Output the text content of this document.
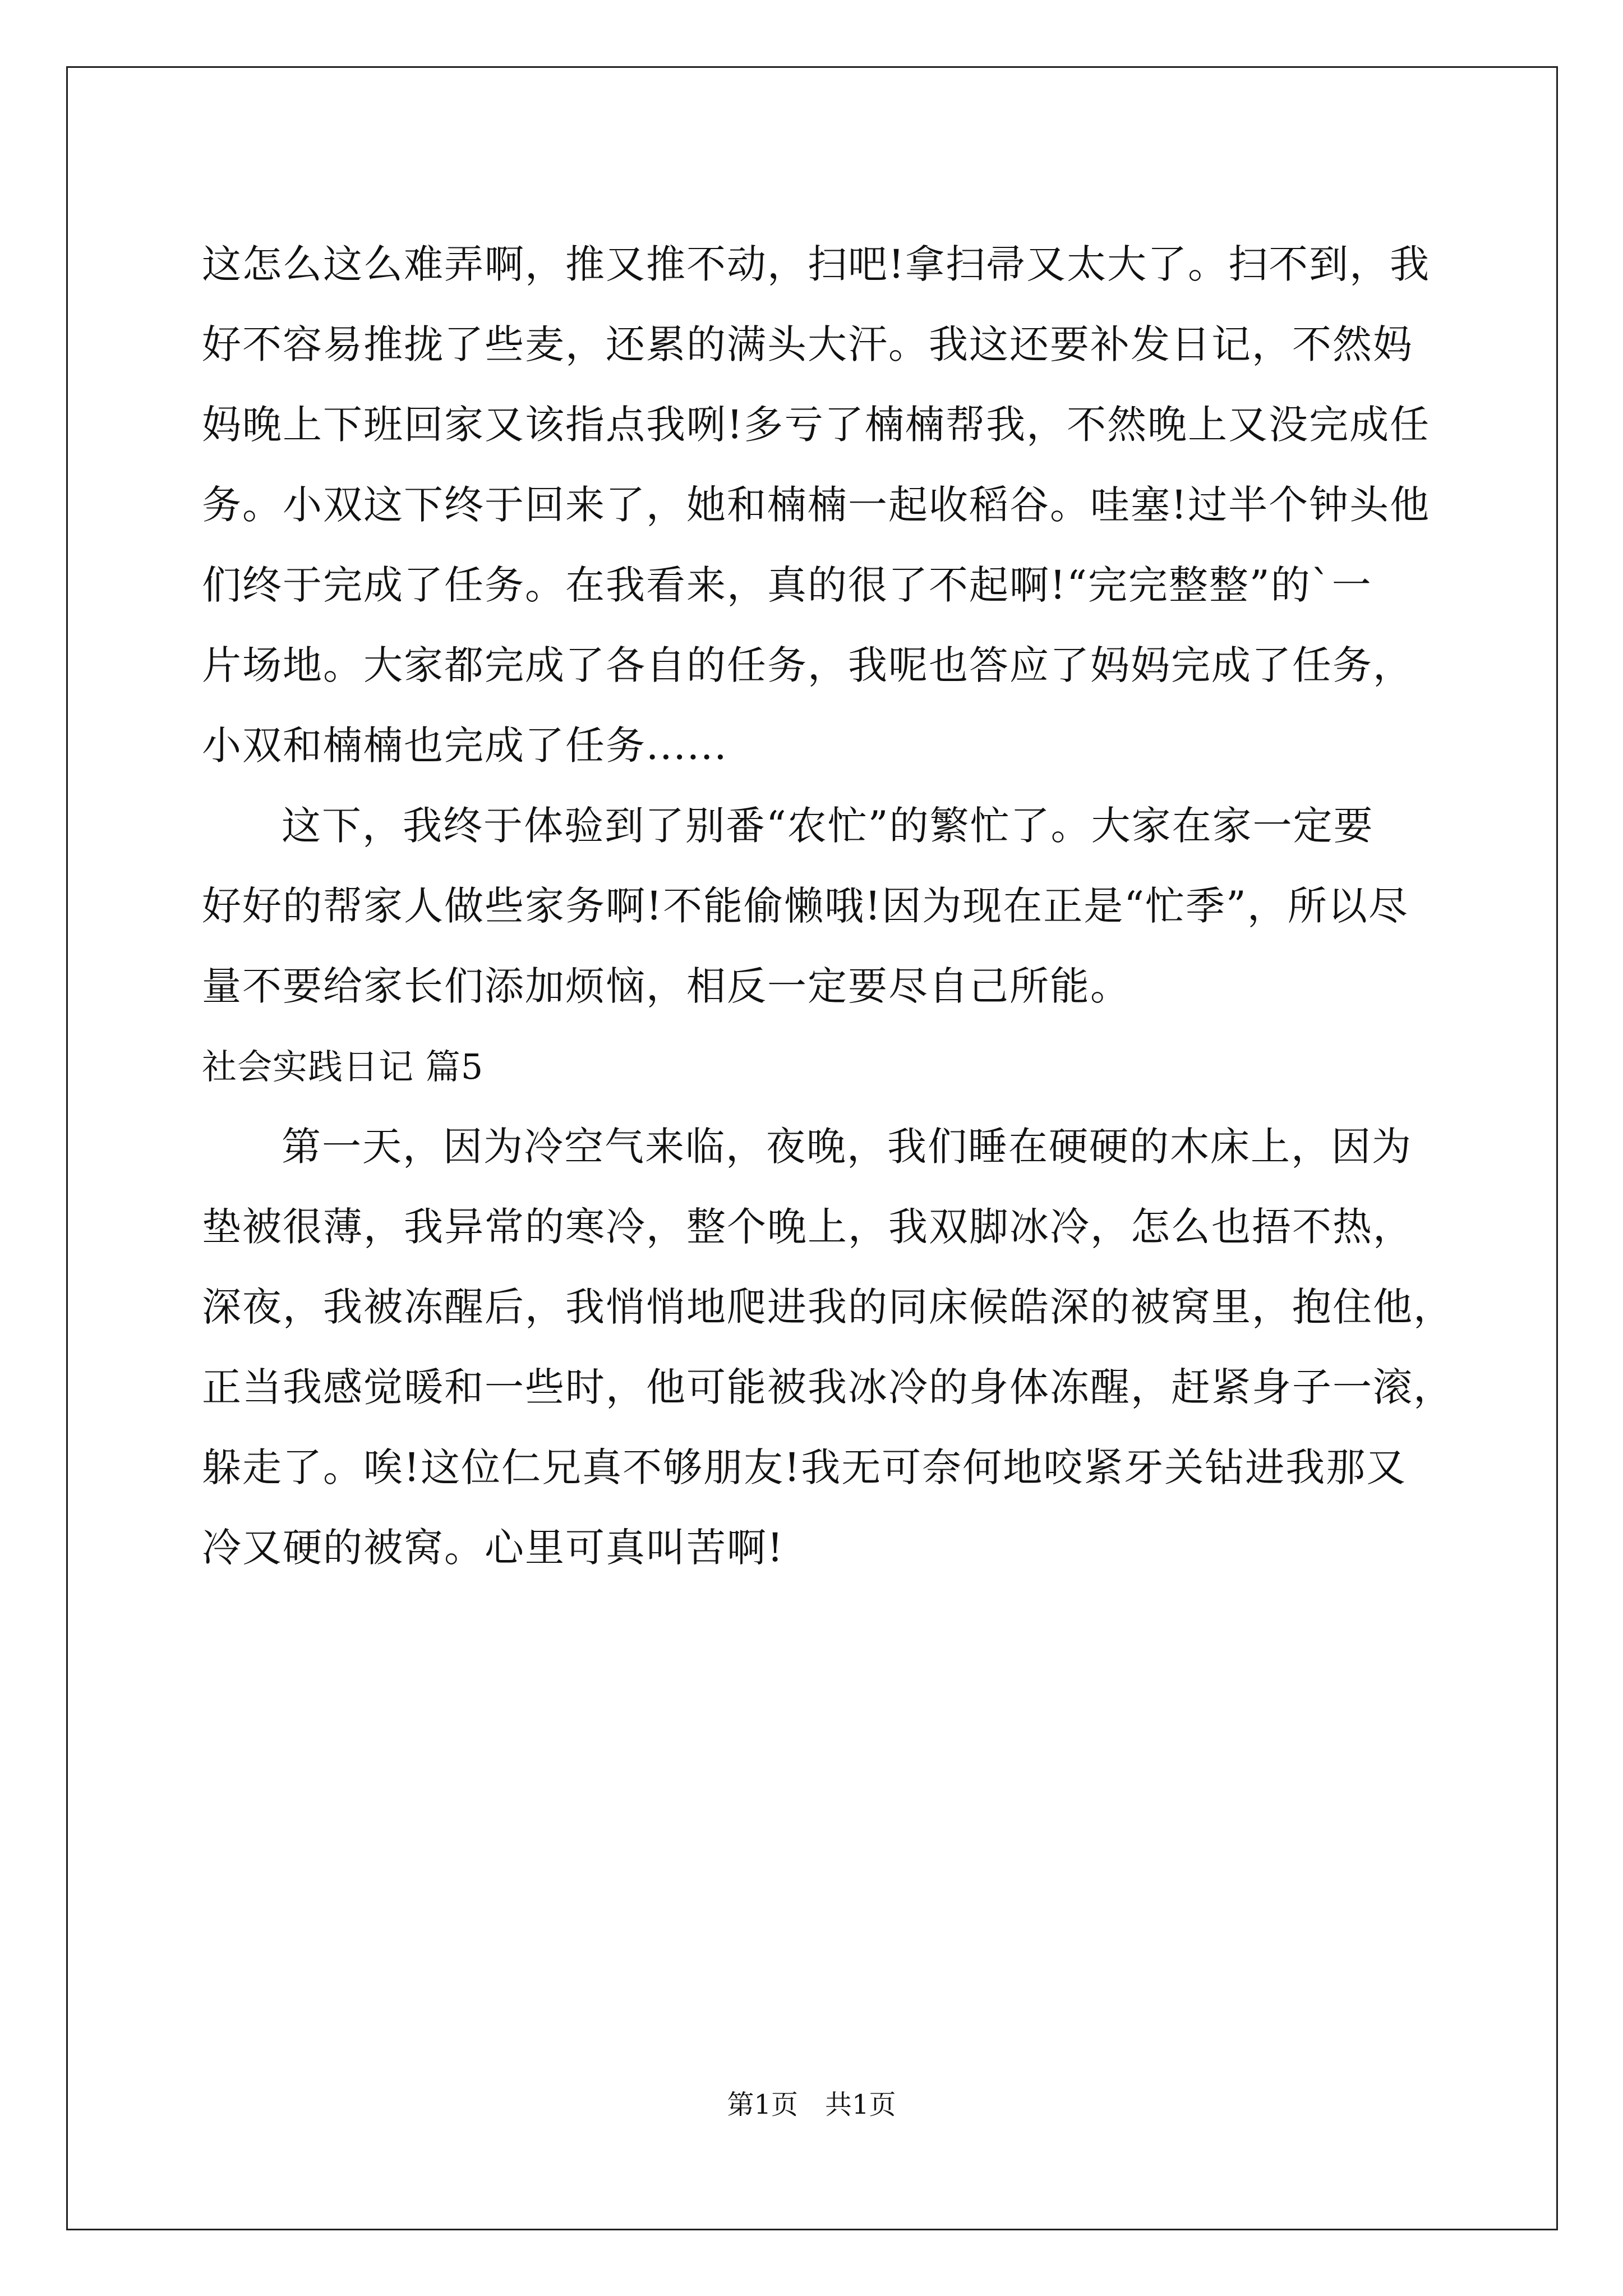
这怎么这么难弄啊，推又推不动，扫吧!拿扫帚又太大了。扫不到，我
好不容易推拢了些麦，还累的满头大汗。我这还要补发日记，不然妈
妈晚上下班回家又该指点我咧!多亏了楠楠帮我，不然晚上又没完成任
务。小双这下终于回来了，她和楠楠一起收稻谷。哇塞!过半个钟头他
们终于完成了任务。在我看来，真的很了不起啊!“完完整整”的`一
片场地。大家都完成了各自的任务，我呢也答应了妈妈完成了任务，
小双和楠楠也完成了任务......
这下，我终于体验到了别番“农忙”的繁忙了。大家在家一定要
好好的帮家人做些家务啊!不能偷懒哦!因为现在正是“忙季”，所以尽
量不要给家长们添加烦恼，相反一定要尽自己所能。
社会实践日记 篇5
第一天，因为冷空气来临，夜晚，我们睡在硬硬的木床上，因为
垫被很薄，我异常的寒冷，整个晚上，我双脚冰冷，怎么也捂不热，
深夜，我被冻醒后，我悄悄地爬进我的同床候皓深的被窝里，抱住他，
正当我感觉暖和一些时，他可能被我冰冷的身体冻醒，赶紧身子一滚，
躲走了。唉!这位仁兄真不够朋友!我无可奈何地咬紧牙关钻进我那又
冷又硬的被窝。心里可真叫苦啊!
第1页　共1页
